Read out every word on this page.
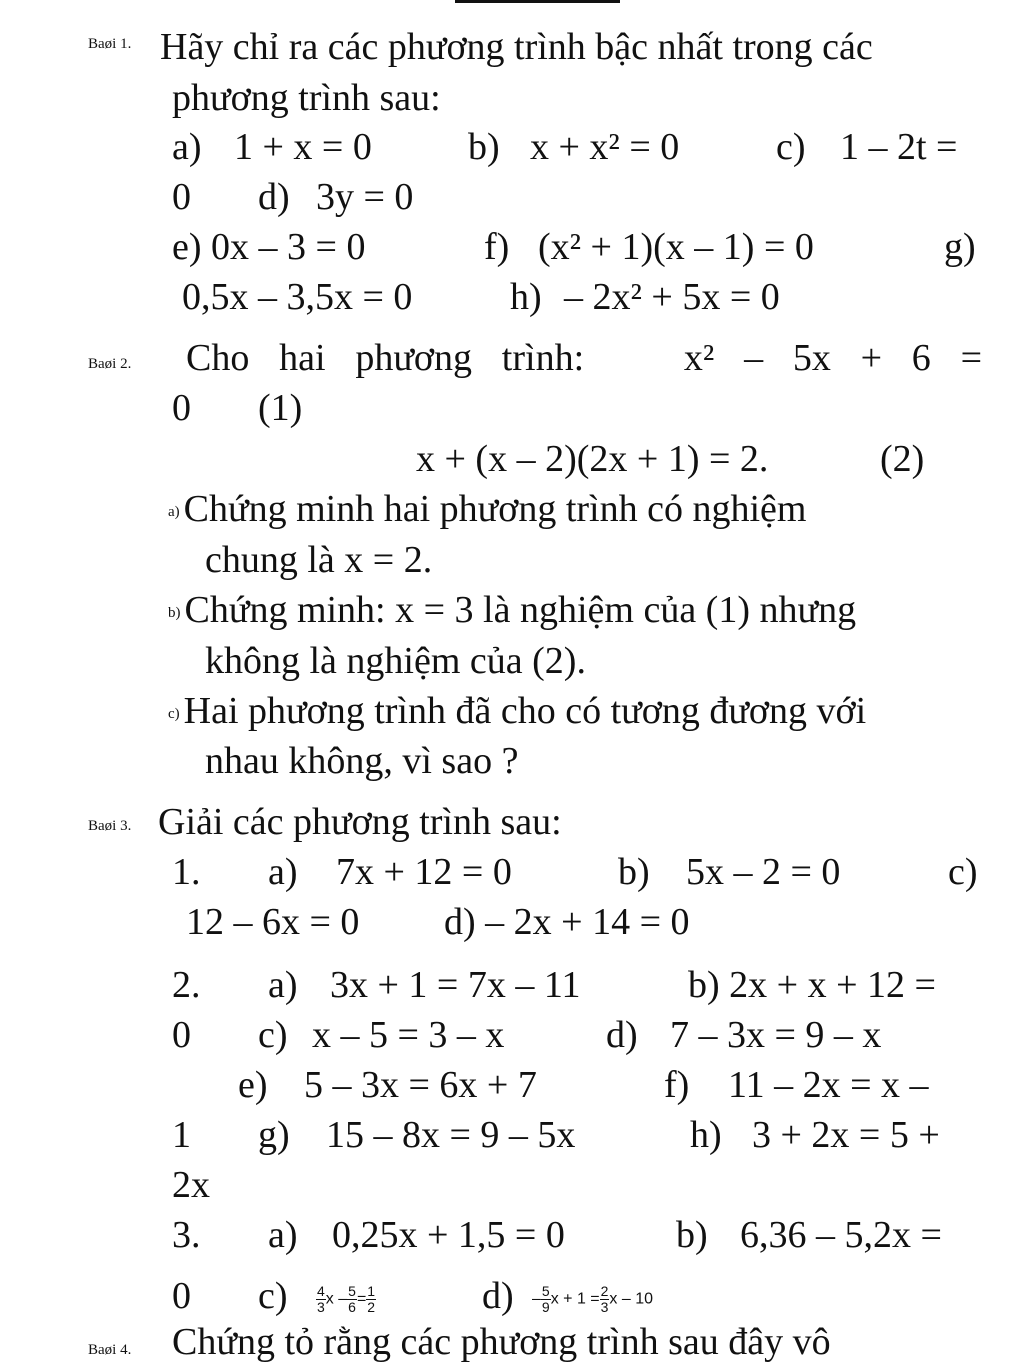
Baøi 1. Hãy chỉ ra các phương trình bậc nhất trong các
phương trình sau:
a) 1 + x = 0	b) x + x² = 0	c) 1 – 2t =
0 d) 3y = 0
e) 0x – 3 = 0	f) (x² + 1)(x – 1) = 0	g)
0,5x – 3,5x = 0	h) – 2x² + 5x = 0
Baøi 2. Cho hai phương trình:	x² – 5x + 6 =
0 (1)
x + (x – 2)(2x + 1) = 2.	(2)
a) Chứng minh hai phương trình có nghiệm
chung là x = 2.
b) Chứng minh: x = 3 là nghiệm của (1) nhưng
không là nghiệm của (2).
c) Hai phương trình đã cho có tương đương với
nhau không, vì sao ?
Baøi 3. Giải các phương trình sau:
1. a) 7x + 12 = 0	b) 5x – 2 = 0	c)
12 – 6x = 0 d) – 2x + 14 = 0
2. a) 3x + 1 = 7x – 11	b) 2x + x + 12 =
0 c) x – 5 = 3 – x	d) 7 – 3x = 9 – x
e) 5 – 3x = 6x + 7	f) 11 – 2x = x –
1 g) 15 – 8x = 9 – 5x	h) 3 + 2x = 5 +
2x
3. a) 0,25x + 1,5 = 0	b) 6,36 – 5,2x =
0 $c) \frac{4}{3}$ $x - \frac{5}{6} = \frac{1}{2}$	$d) - \frac{5}{9}$ $x + 1 = \frac{2}{3}$ x – 10
Baøi 4. Chứng tỏ rằng các phương trình sau đây vô
